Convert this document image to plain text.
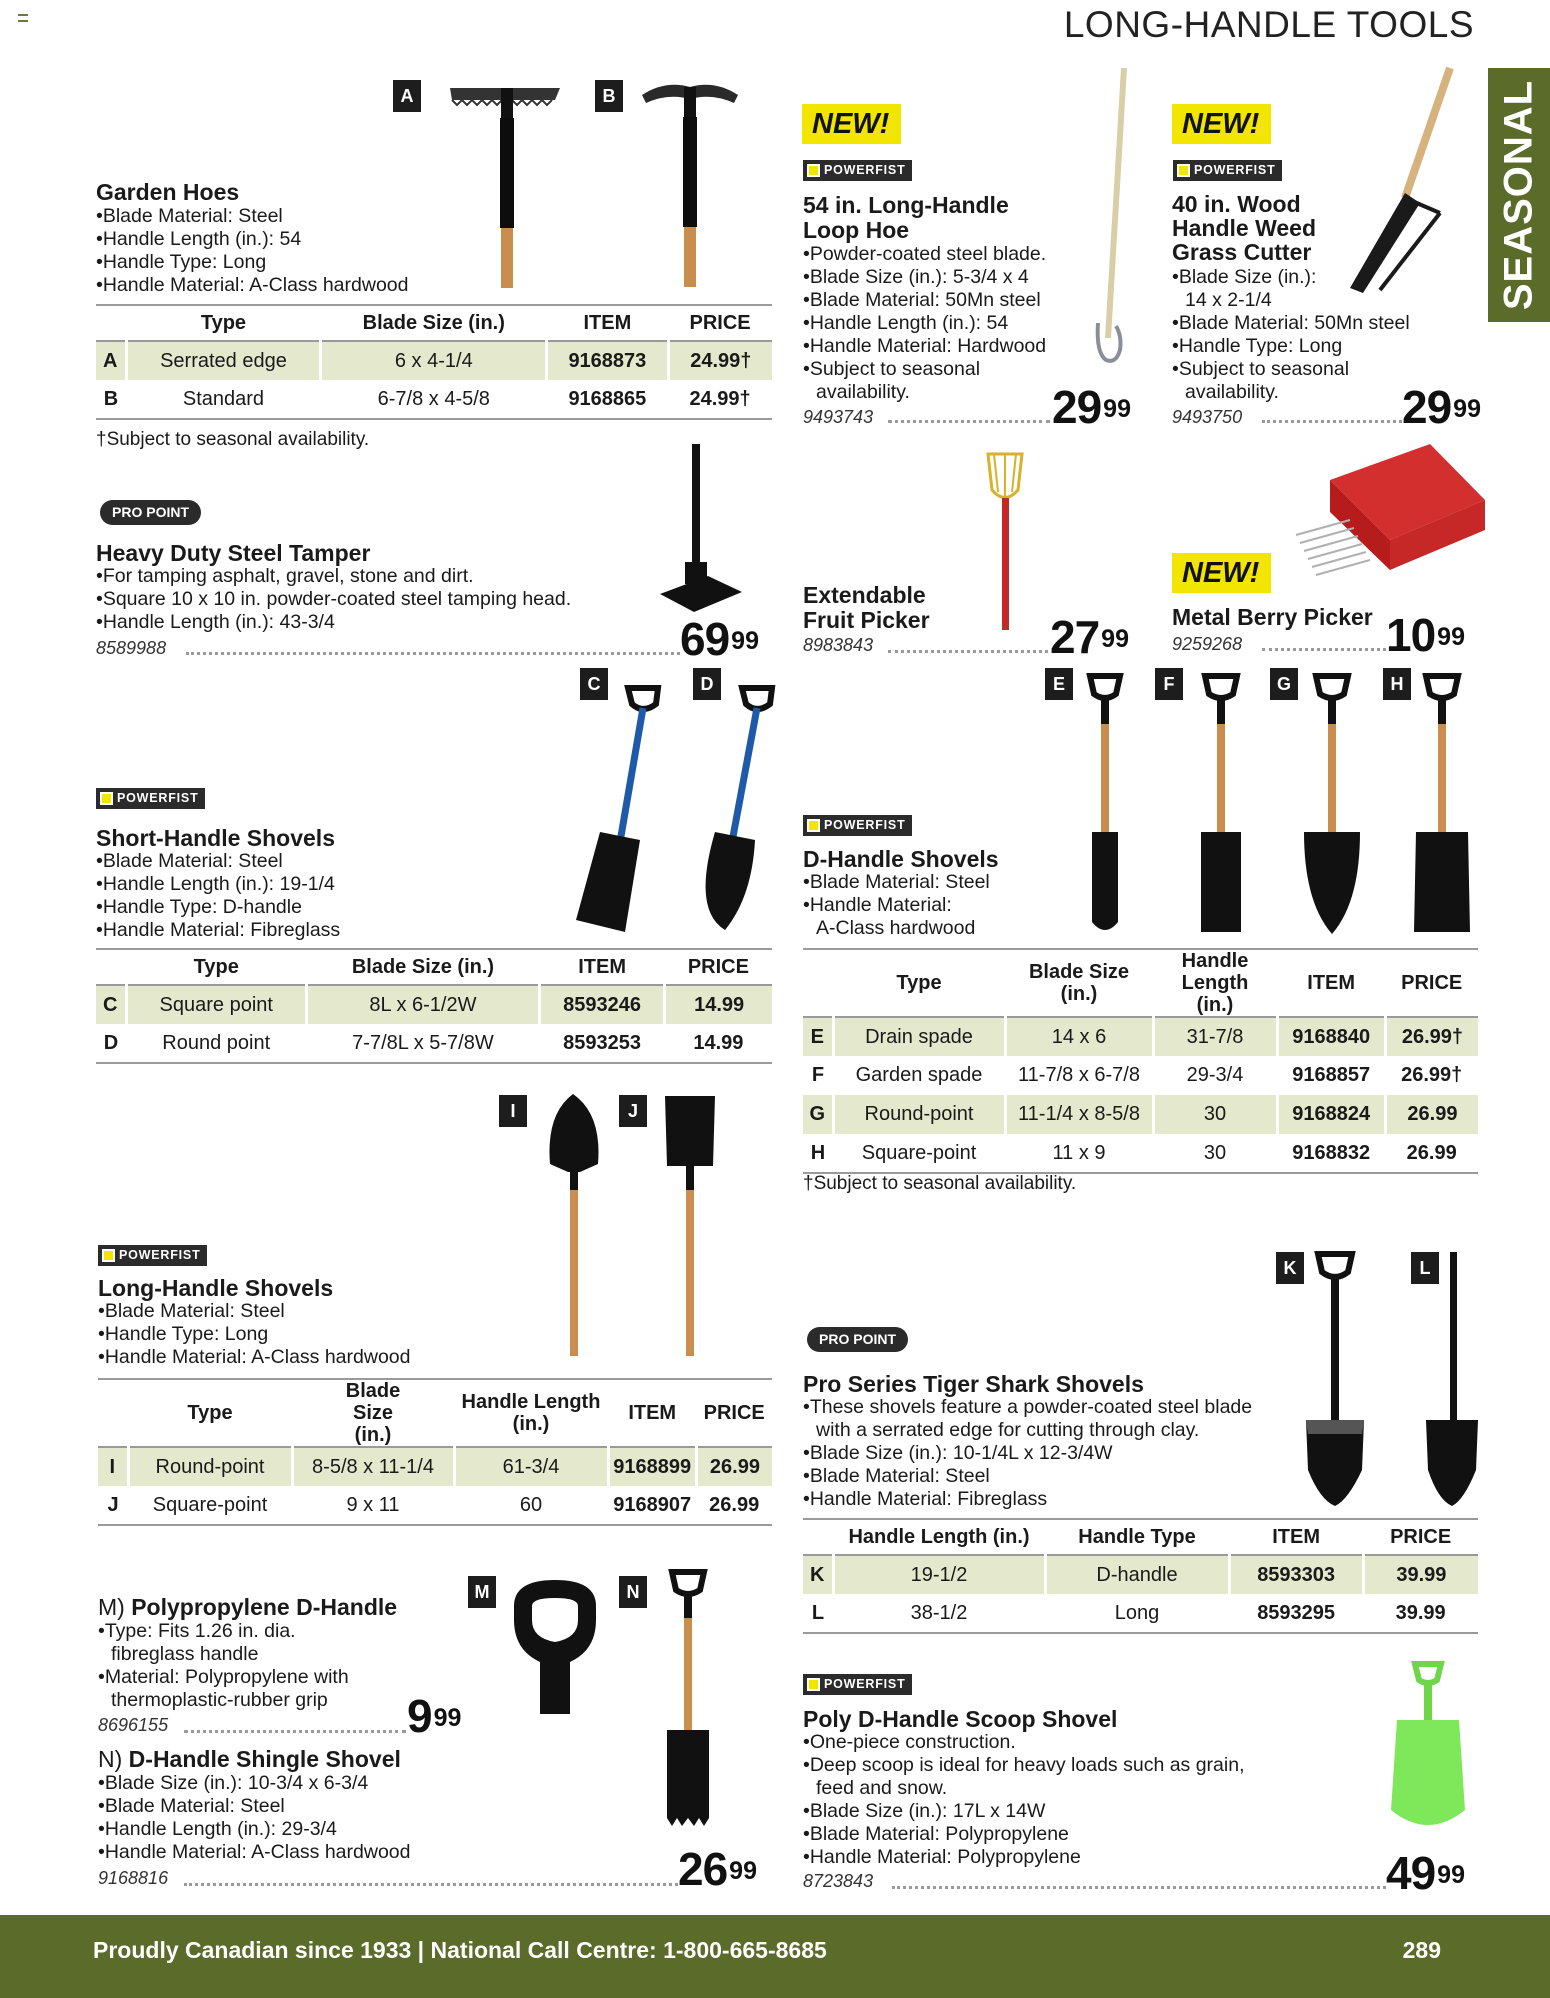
LONG-HANDLE TOOLS
SEASONAL
A	B
Garden Hoes
•Blade Material: Steel
•Handle Length (in.): 54
•Handle Type: Long
•Handle Material: A-Class hardwood
	Type	Blade Size (in.)	ITEM	PRICE
A	Serrated edge	6 x 4-1/4	9168873	24.99†
B	Standard	6-7/8 x 4-5/8	9168865	24.99†
†Subject to seasonal availability.
NEW!
POWERFIST
54 in. Long-Handle
Loop Hoe
•Powder-coated steel blade.
•Blade Size (in.): 5-3/4 x 4
•Blade Material: 50Mn steel
•Handle Length (in.): 54
•Handle Material: Hardwood
•Subject to seasonal
availability.
9493743	$29^{99}$
NEW!
POWERFIST
40 in. Wood
Handle Weed
Grass Cutter
•Blade Size (in.):
14 x 2-1/4
•Blade Material: 50Mn steel
•Handle Type: Long
•Subject to seasonal
availability.
9493750	$29^{99}$
PRO POINT
Heavy Duty Steel Tamper
•For tamping asphalt, gravel, stone and dirt.
•Square 10 x 10 in. powder-coated steel tamping head.
•Handle Length (in.): 43-3/4
8589988	$69^{99}$
Extendable
Fruit Picker
8983843	$27^{99}$
NEW!
Metal Berry Picker
9259268	$10^{99}$
C	D
POWERFIST
Short-Handle Shovels
•Blade Material: Steel
•Handle Length (in.): 19-1/4
•Handle Type: D-handle
•Handle Material: Fibreglass
	Type	Blade Size (in.)	ITEM	PRICE
C	Square point	8L x 6-1/2W	8593246	14.99
D	Round point	7-7/8L x 5-7/8W	8593253	14.99
E	F	G	H
POWERFIST
D-Handle Shovels
•Blade Material: Steel
•Handle Material:
A-Class hardwood
	Type	Blade Size (in.)	Handle Length (in.)	ITEM	PRICE
E	Drain spade	14 x 6	31-7/8	9168840	26.99†
F	Garden spade	11-7/8 x 6-7/8	29-3/4	9168857	26.99†
G	Round-point	11-1/4 x 8-5/8	30	9168824	26.99
H	Square-point	11 x 9	30	9168832	26.99
†Subject to seasonal availability.
I	J
POWERFIST
Long-Handle Shovels
•Blade Material: Steel
•Handle Type: Long
•Handle Material: A-Class hardwood
	Type	Blade Size (in.)	Handle Length (in.)	ITEM	PRICE
I	Round-point	8-5/8 x 11-1/4	61-3/4	9168899	26.99
J	Square-point	9 x 11	60	9168907	26.99
K	L
PRO POINT
Pro Series Tiger Shark Shovels
•These shovels feature a powder-coated steel blade
with a serrated edge for cutting through clay.
•Blade Size (in.): 10-1/4L x 12-3/4W
•Blade Material: Steel
•Handle Material: Fibreglass
	Handle Length (in.)	Handle Type	ITEM	PRICE
K	19-1/2	D-handle	8593303	39.99
L	38-1/2	Long	8593295	39.99
M
M) Polypropylene D-Handle
•Type: Fits 1.26 in. dia.
fibreglass handle
•Material: Polypropylene with
thermoplastic-rubber grip
8696155	$9^{99}$
N
N) D-Handle Shingle Shovel
•Blade Size (in.): 10-3/4 x 6-3/4
•Blade Material: Steel
•Handle Length (in.): 29-3/4
•Handle Material: A-Class hardwood
9168816	$26^{99}$
POWERFIST
Poly D-Handle Scoop Shovel
•One-piece construction.
•Deep scoop is ideal for heavy loads such as grain,
feed and snow.
•Blade Size (in.): 17L x 14W
•Blade Material: Polypropylene
•Handle Material: Polypropylene
8723843	$49^{99}$
Proudly Canadian since 1933 | National Call Centre: 1-800-665-8685	289
